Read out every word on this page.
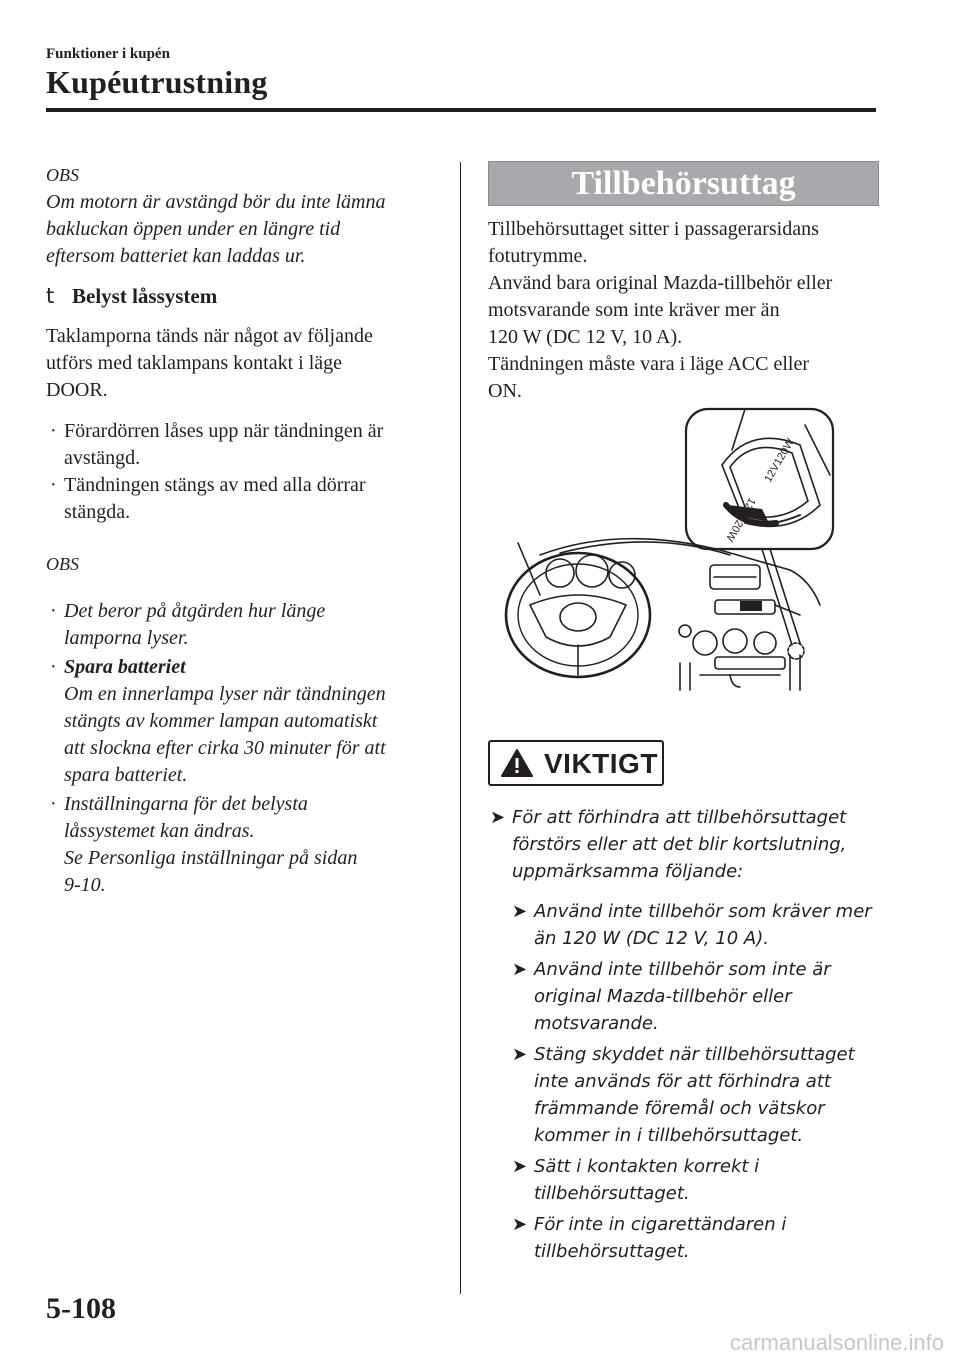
Funktioner i kupén
Kupéutrustning
OBS
Om motorn är avstängd bör du inte lämna
bakluckan öppen under en längre tid
eftersom batteriet kan laddas ur.
t Belyst låssystem
Taklamporna tänds när något av följande
utförs med taklampans kontakt i läge
DOOR.
· Förardörren låses upp när tändningen är
avstängd.
· Tändningen stängs av med alla dörrar
stängda.
OBS
· Det beror på åtgärden hur länge
lamporna lyser.
· Spara batteriet
Om en innerlampa lyser när tändningen
stängts av kommer lampan automatiskt
att slockna efter cirka 30 minuter för att
spara batteriet.
· Inställningarna för det belysta
låssystemet kan ändras.
Se Personliga inställningar på sidan
9-10.
Tillbehörsuttag
Tillbehörsuttaget sitter i passagerarsidans
fotutrymme.
Använd bara original Mazda-tillbehör eller
motsvarande som inte kräver mer än
120 W (DC 12 V, 10 A).
Tändningen måste vara i läge ACC eller
ON.
12V120W
12V120W
VIKTIGT
➤ För att förhindra att tillbehörsuttaget
förstörs eller att det blir kortslutning,
uppmärksamma följande:
➤ Använd inte tillbehör som kräver mer
än 120 W (DC 12 V, 10 A).
➤ Använd inte tillbehör som inte är
original Mazda-tillbehör eller
motsvarande.
➤ Stäng skyddet när tillbehörsuttaget
inte används för att förhindra att
främmande föremål och vätskor
kommer in i tillbehörsuttaget.
➤ Sätt i kontakten korrekt i
tillbehörsuttaget.
➤ För inte in cigarettändaren i
tillbehörsuttaget.
5-108
carmanualsonline.info
